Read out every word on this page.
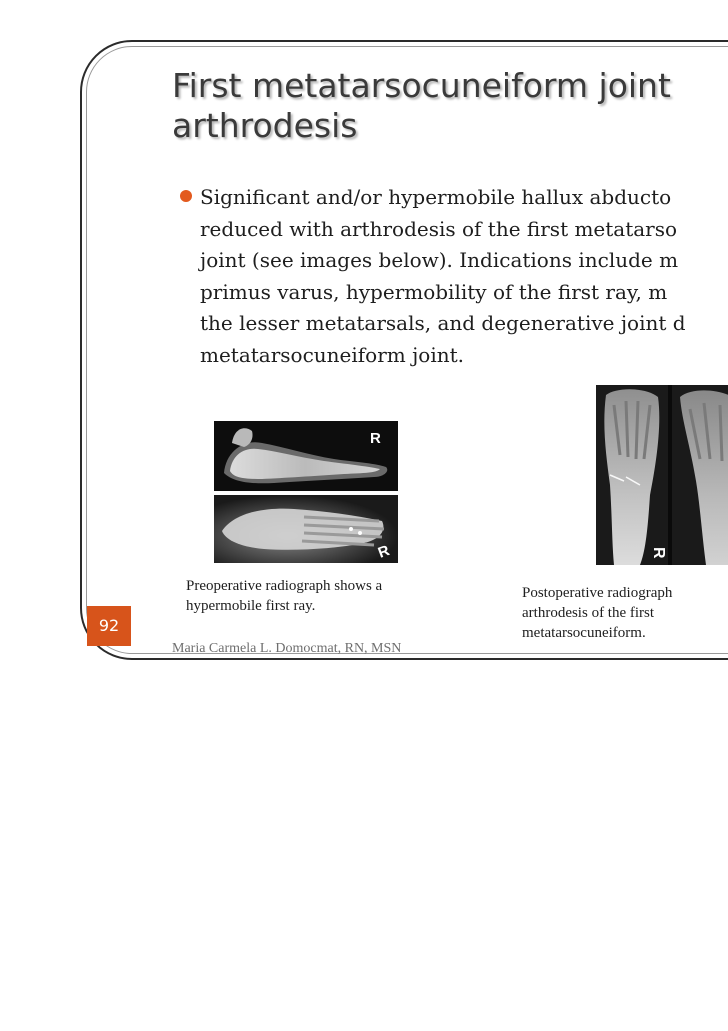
First metatarsocuneiform joint
arthrodesis

Significant and/or hypermobile hallux abducto
reduced with arthrodesis of the first metatarso
joint (see images below). Indications include m
primus varus, hypermobility of the first ray, m
the lesser metatarsals, and degenerative joint d
metatarsocuneiform joint.

R
R	R

Preoperative radiograph shows a
hypermobile first ray.

Postoperative radiograph
arthrodesis of the first
metatarsocuneiform.

Maria Carmela L. Domocmat, RN, MSN

92
